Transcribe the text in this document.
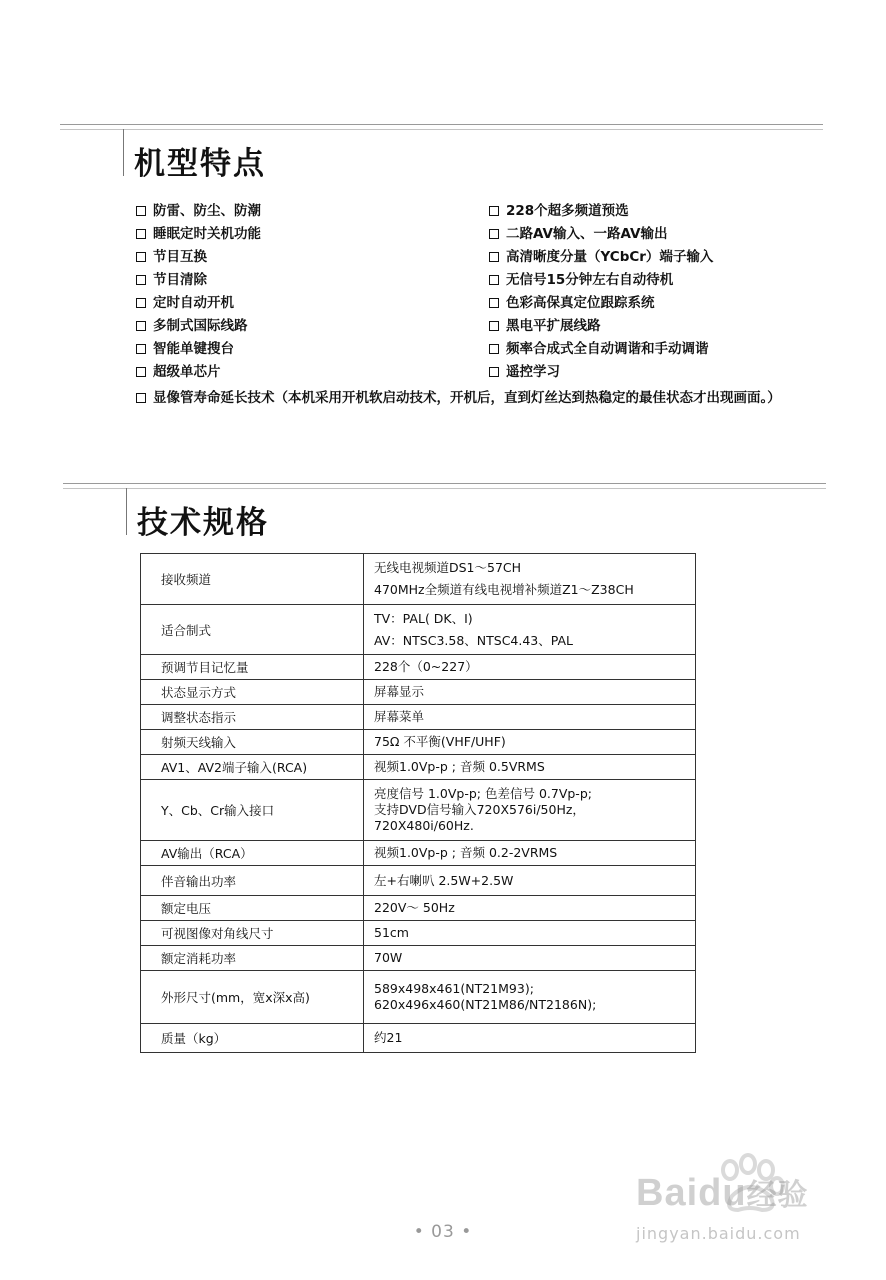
机型特点
防雷、防尘、防潮
睡眠定时关机功能
节目互换
节目清除
定时自动开机
多制式国际线路
智能单键搜台
超级单芯片
228个超多频道预选
二路AV输入、一路AV输出
高清晰度分量（YCbCr）端子输入
无信号15分钟左右自动待机
色彩高保真定位跟踪系统
黑电平扩展线路
频率合成式全自动调谐和手动调谐
遥控学习
显像管寿命延长技术（本机采用开机软启动技术，开机后，直到灯丝达到热稳定的最佳状态才出现画面。）
技术规格
接收频道	无线电视频道DS1～57CH
470MHz全频道有线电视增补频道Z1～Z38CH

适合制式	TV：PAL( DK、I)
AV：NTSC3.58、NTSC4.43、PAL

预调节目记忆量	228个（0~227）

状态显示方式	屏幕显示

调整状态指示	屏幕菜单

射频天线输入	75Ω 不平衡(VHF/UHF)

AV1、AV2端子输入(RCA)	视频1.0Vp-p ; 音频 0.5VRMS

Y、Cb、Cr输入接口	亮度信号 1.0Vp-p; 色差信号 0.7Vp-p;
支持DVD信号输入720X576i/50Hz，
720X480i/60Hz.

AV输出（RCA）	视频1.0Vp-p ; 音频 0.2-2VRMS

伴音输出功率	左+右喇叭 2.5W+2.5W

额定电压	220V～ 50Hz

可视图像对角线尺寸	51cm

额定消耗功率	70W

外形尺寸(mm，宽x深x高)	589x498x461(NT21M93);
620x496x460(NT21M86/NT2186N);

质量（kg）	约21
• 03 •
Baidu经验
jingyan.baidu.com
